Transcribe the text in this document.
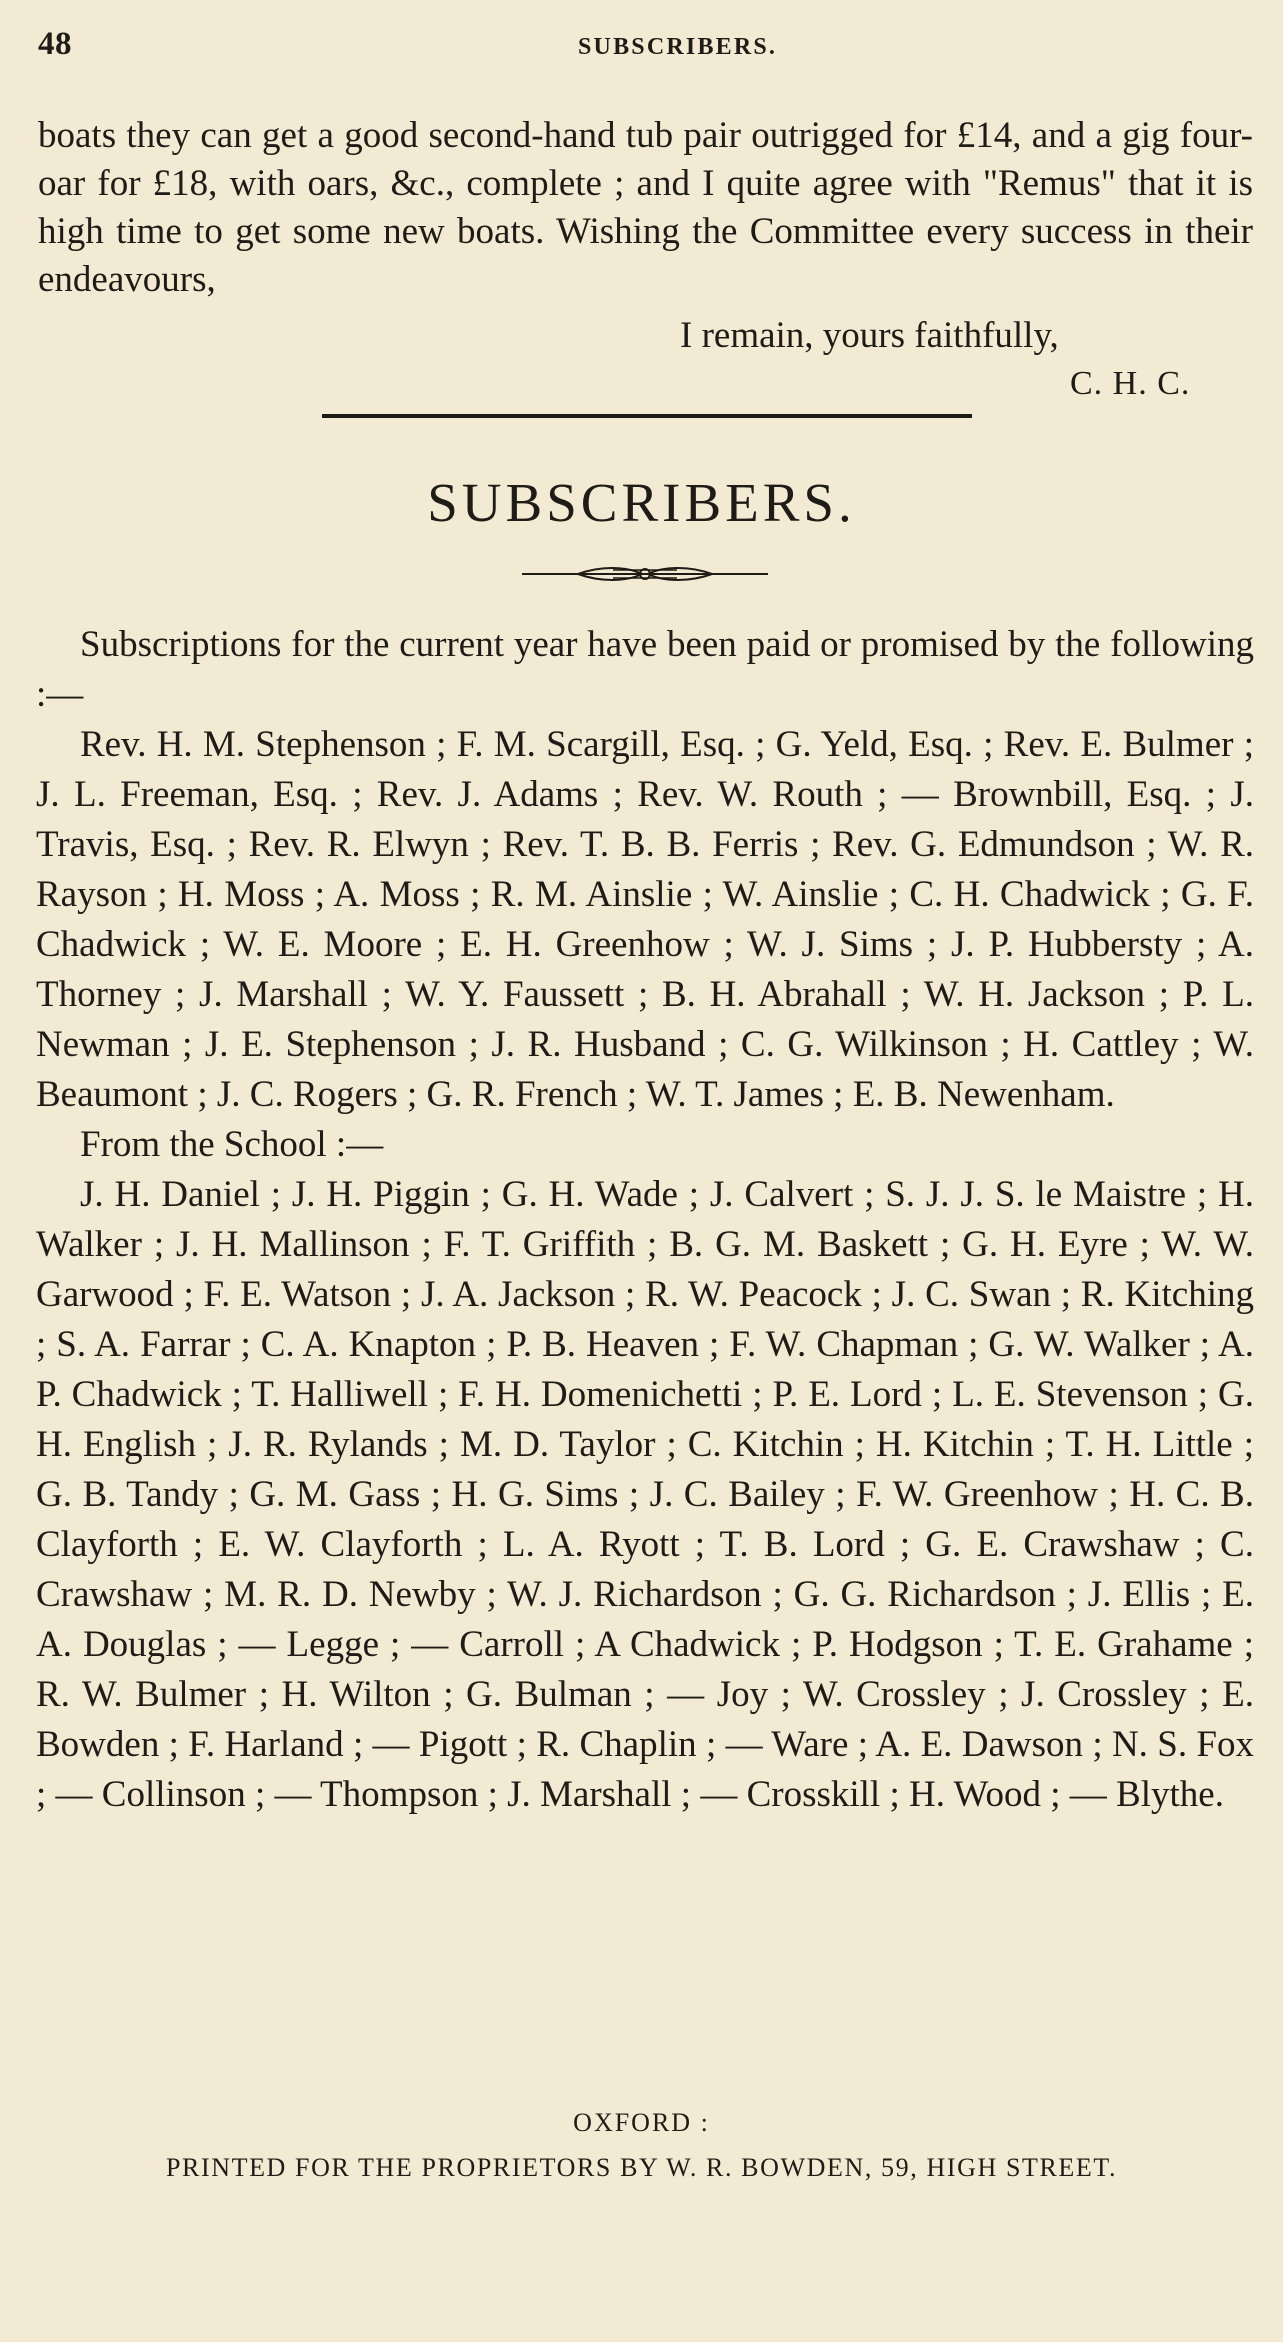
48	SUBSCRIBERS.

boats they can get a good second-hand tub pair outrigged for £14, and a gig four-oar for £18, with oars, &c., complete ; and I quite agree with "Remus" that it is high time to get some new boats. Wishing the Committee every success in their endeavours,

I remain, yours faithfully,
C. H. C.
SUBSCRIBERS.

Subscriptions for the current year have been paid or promised by the following :—

Rev. H. M. Stephenson ; F. M. Scargill, Esq. ; G. Yeld, Esq. ; Rev. E. Bulmer ; J. L. Freeman, Esq. ; Rev. J. Adams ; Rev. W. Routh ; — Brownbill, Esq. ; J. Travis, Esq. ; Rev. R. Elwyn ; Rev. T. B. B. Ferris ; Rev. G. Edmundson ; W. R. Rayson ; H. Moss ; A. Moss ; R. M. Ainslie ; W. Ainslie ; C. H. Chadwick ; G. F. Chadwick ; W. E. Moore ; E. H. Greenhow ; W. J. Sims ; J. P. Hubbersty ; A. Thorney ; J. Marshall ; W. Y. Faussett ; B. H. Abrahall ; W. H. Jackson ; P. L. Newman ; J. E. Stephenson ; J. R. Husband ; C. G. Wilkinson ; H. Cattley ; W. Beaumont ; J. C. Rogers ; G. R. French ; W. T. James ; E. B. Newenham.

From the School :—

J. H. Daniel ; J. H. Piggin ; G. H. Wade ; J. Calvert ; S. J. J. S. le Maistre ; H. Walker ; J. H. Mallinson ; F. T. Griffith ; B. G. M. Baskett ; G. H. Eyre ; W. W. Garwood ; F. E. Watson ; J. A. Jackson ; R. W. Peacock ; J. C. Swan ; R. Kitching ; S. A. Farrar ; C. A. Knapton ; P. B. Heaven ; F. W. Chapman ; G. W. Walker ; A. P. Chadwick ; T. Halliwell ; F. H. Domenichetti ; P. E. Lord ; L. E. Stevenson ; G. H. English ; J. R. Rylands ; M. D. Taylor ; C. Kitchin ; H. Kitchin ; T. H. Little ; G. B. Tandy ; G. M. Gass ; H. G. Sims ; J. C. Bailey ; F. W. Greenhow ; H. C. B. Clayforth ; E. W. Clayforth ; L. A. Ryott ; T. B. Lord ; G. E. Crawshaw ; C. Crawshaw ; M. R. D. Newby ; W. J. Richardson ; G. G. Richardson ; J. Ellis ; E. A. Douglas ; — Legge ; — Carroll ; A Chadwick ; P. Hodgson ; T. E. Grahame ; R. W. Bulmer ; H. Wilton ; G. Bulman ; — Joy ; W. Crossley ; J. Crossley ; E. Bowden ; F. Harland ; — Pigott ; R. Chaplin ; — Ware ; A. E. Dawson ; N. S. Fox ; — Collinson ; — Thompson ; J. Marshall ; — Crosskill ; H. Wood ; — Blythe.

OXFORD :
PRINTED FOR THE PROPRIETORS BY W. R. BOWDEN, 59, HIGH STREET.
